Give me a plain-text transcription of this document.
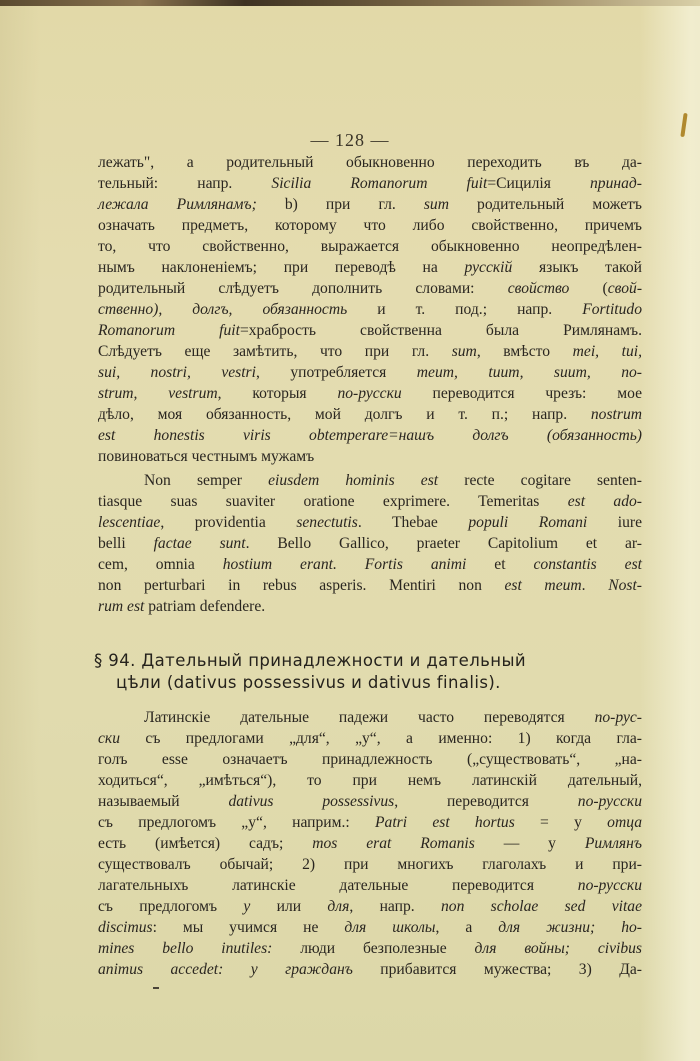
— 128 —
лежать", а родительный обыкновенно переходить въ да-
тельный: напр. Sicilia Romanorum fuit=Сицилія принад-
лежала Римлянамъ; b) при гл. sum родительный можетъ
означать предметъ, которому что либо свойственно, причемъ
то, что свойственно, выражается обыкновенно неопредѣлен-
нымъ наклоненіемъ; при переводѣ на русскій языкъ такой
родительный слѣдуетъ дополнить словами: свойство (свой-
ственно), долгъ, обязанность и т. под.; напр. Fortitudo
Romanorum fuit=храбрость свойственна была Римлянамъ.
Слѣдуетъ еще замѣтить, что при гл. sum, вмѣсто mei, tui,
sui, nostri, vestri, употребляется meum, tuum, suum, no-
strum, vestrum, которыя по-русски переводится чрезъ: мое
дѣло, моя обязанность, мой долгъ и т. п.; напр. nostrum
est honestis viris obtemperare=нашъ долгъ (обязанность)
повиноваться честнымъ мужамъ
Non semper eiusdem hominis est recte cogitare senten-
tiasque suas suaviter oratione exprimere. Temeritas est ado-
lescentiae, providentia senectutis. Thebae populi Romani iure
belli factae sunt. Bello Gallico, praeter Capitolium et ar-
cem, omnia hostium erant. Fortis animi et constantis est
non perturbari in rebus asperis. Mentiri non est meum. Nost-
rum est patriam defendere.
§ 94. Дательный принадлежности и дательный
цѣли (dativus possessivus и dativus finalis).
Латинскіе дательные падежи часто переводятся по-рус-
ски съ предлогами „для“, „у“, а именно: 1) когда гла-
голъ esse означаетъ принадлежность („существовать“, „на-
ходиться“, „имѣться“), то при немъ латинскій дательный,
называемый dativus possessivus, переводится по-русски
съ предлогомъ „у“, наприм.: Patri est hortus = у отца
есть (имѣется) садъ; mos erat Romanis — у Римлянъ
существовалъ обычай; 2) при многихъ глаголахъ и при-
лагательныхъ латинскіе дательные переводится по-русски
съ предлогомъ у или для, напр. non scholae sed vitae
discimus: мы учимся не для школы, а для жизни; ho-
mines bello inutiles: люди безполезные для войны; civibus
animus accedet: у гражданъ прибавится мужества; 3) Да-
